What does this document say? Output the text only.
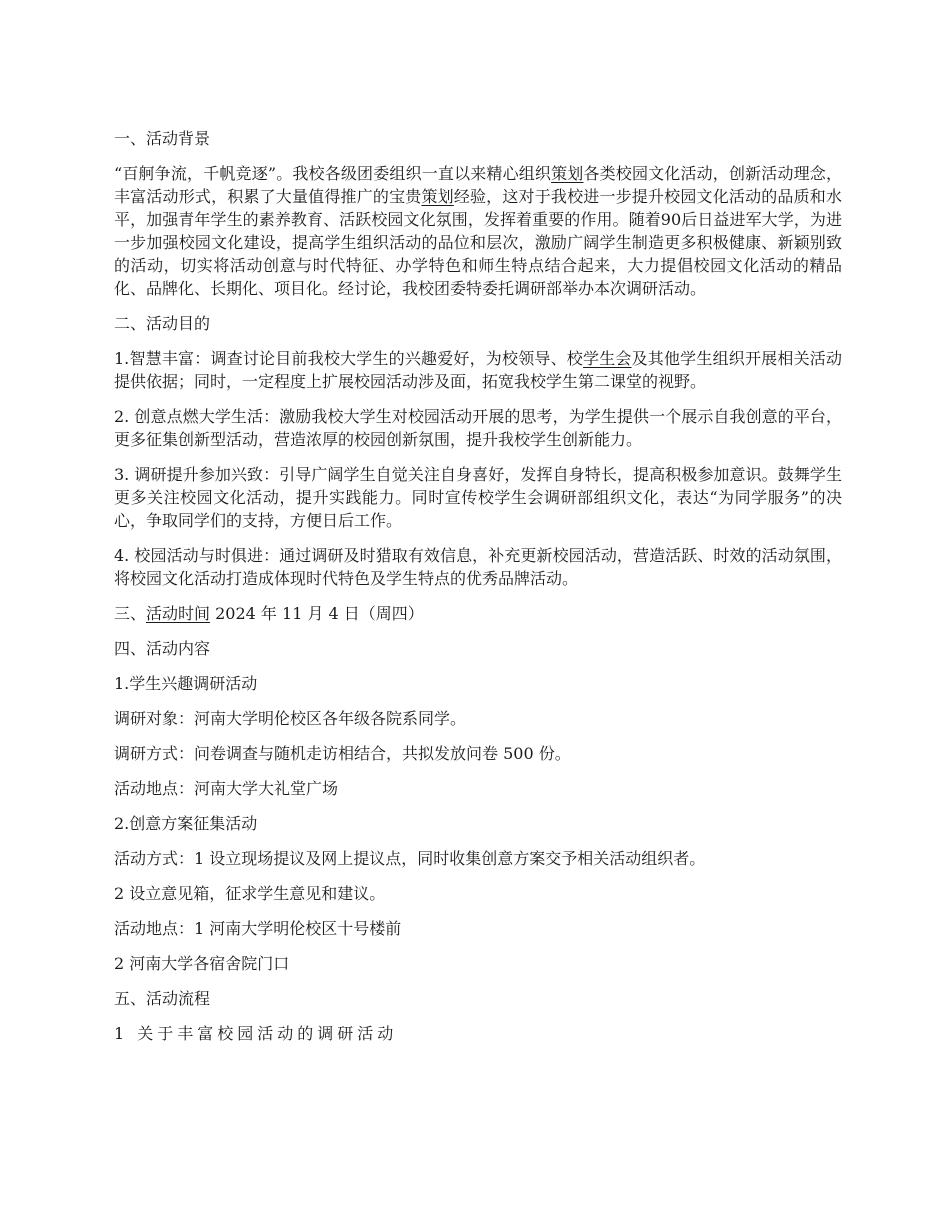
一、活动背景

“百舸争流，千帆竞逐”。我校各级团委组织一直以来精心组织策划各类校园文化活动，创新活动理念，丰富活动形式，积累了大量值得推广的宝贵策划经验，这对于我校进一步提升校园文化活动的品质和水平，加强青年学生的素养教育、活跃校园文化氛围，发挥着重要的作用。随着90后日益进军大学，为进一步加强校园文化建设，提高学生组织活动的品位和层次，激励广阔学生制造更多积极健康、新颖别致的活动，切实将活动创意与时代特征、办学特色和师生特点结合起来，大力提倡校园文化活动的精品化、品牌化、长期化、项目化。经讨论，我校团委特委托调研部举办本次调研活动。

二、活动目的

1.智慧丰富：调查讨论目前我校大学生的兴趣爱好，为校领导、校学生会及其他学生组织开展相关活动提供依据；同时，一定程度上扩展校园活动涉及面，拓宽我校学生第二课堂的视野。

2. 创意点燃大学生活：激励我校大学生对校园活动开展的思考，为学生提供一个展示自我创意的平台，更多征集创新型活动，营造浓厚的校园创新氛围，提升我校学生创新能力。

3. 调研提升参加兴致：引导广阔学生自觉关注自身喜好，发挥自身特长，提高积极参加意识。鼓舞学生更多关注校园文化活动，提升实践能力。同时宣传校学生会调研部组织文化，表达“为同学服务”的决心，争取同学们的支持，方便日后工作。

4. 校园活动与时俱进：通过调研及时猎取有效信息，补充更新校园活动，营造活跃、时效的活动氛围，将校园文化活动打造成体现时代特色及学生特点的优秀品牌活动。

三、活动时间 2024 年 11 月 4 日（周四）

四、活动内容

1.学生兴趣调研活动

调研对象：河南大学明伦校区各年级各院系同学。

调研方式：问卷调查与随机走访相结合，共拟发放问卷 500 份。

活动地点：河南大学大礼堂广场

2.创意方案征集活动

活动方式：1 设立现场提议及网上提议点，同时收集创意方案交予相关活动组织者。

2 设立意见箱，征求学生意见和建议。

活动地点：1 河南大学明伦校区十号楼前

2 河南大学各宿舍院门口

五、活动流程

1 关于丰富校园活动的调研活动
